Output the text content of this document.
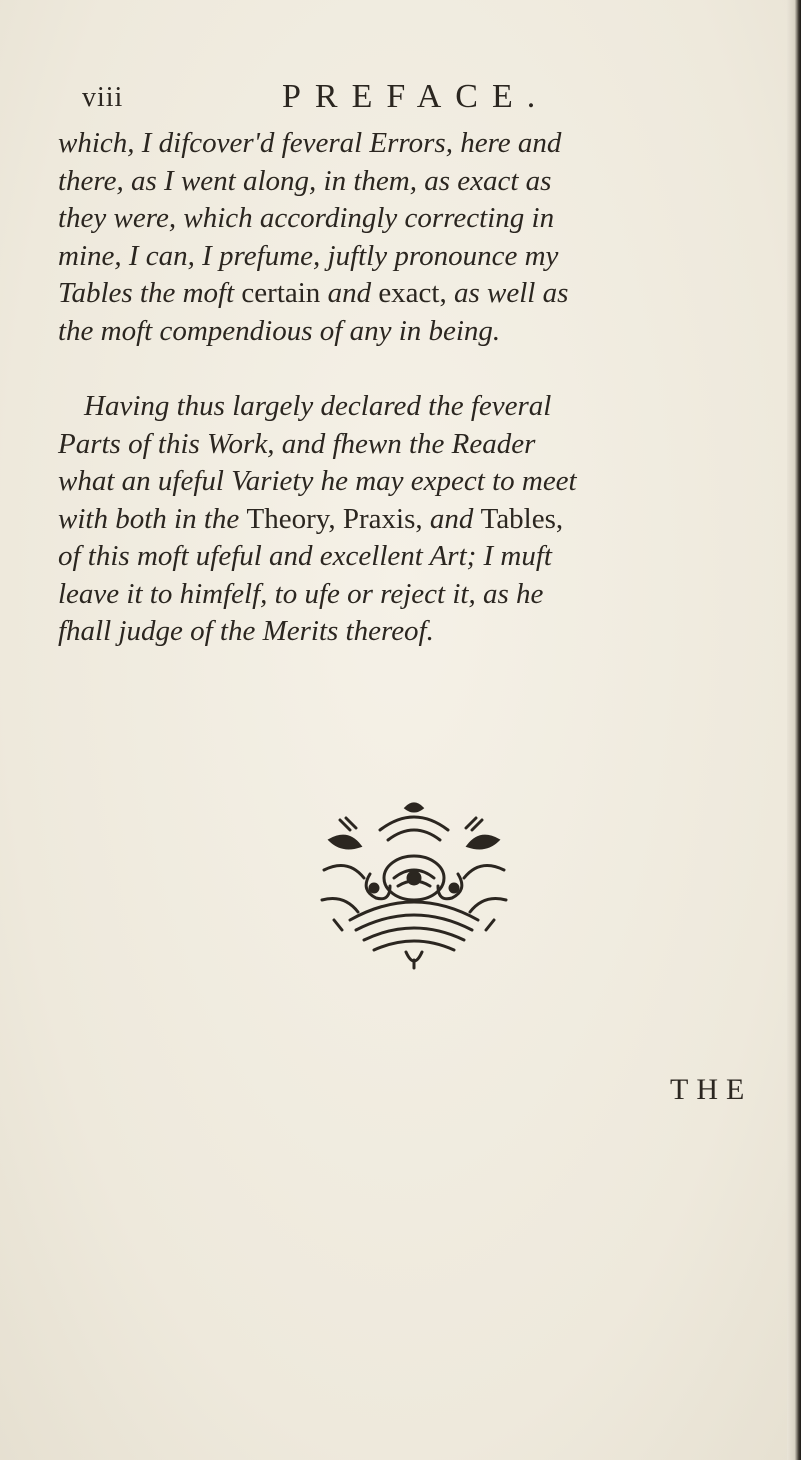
viii	PREFACE.
which, I difcover'd feveral Errors, here and
there, as I went along, in them, as exact as
they were, which accordingly correcting in
mine, I can, I prefume, juftly pronounce my
Tables the moft certain and exact, as well as
the moft compendious of any in being.
Having thus largely declared the feveral
Parts of this Work, and fhewn the Reader
what an ufeful Variety he may expect to meet
with both in the Theory, Praxis, and Tables,
of this moft ufeful and excellent Art; I muft
leave it to himfelf, to ufe or reject it, as he
fhall judge of the Merits thereof.
THE
